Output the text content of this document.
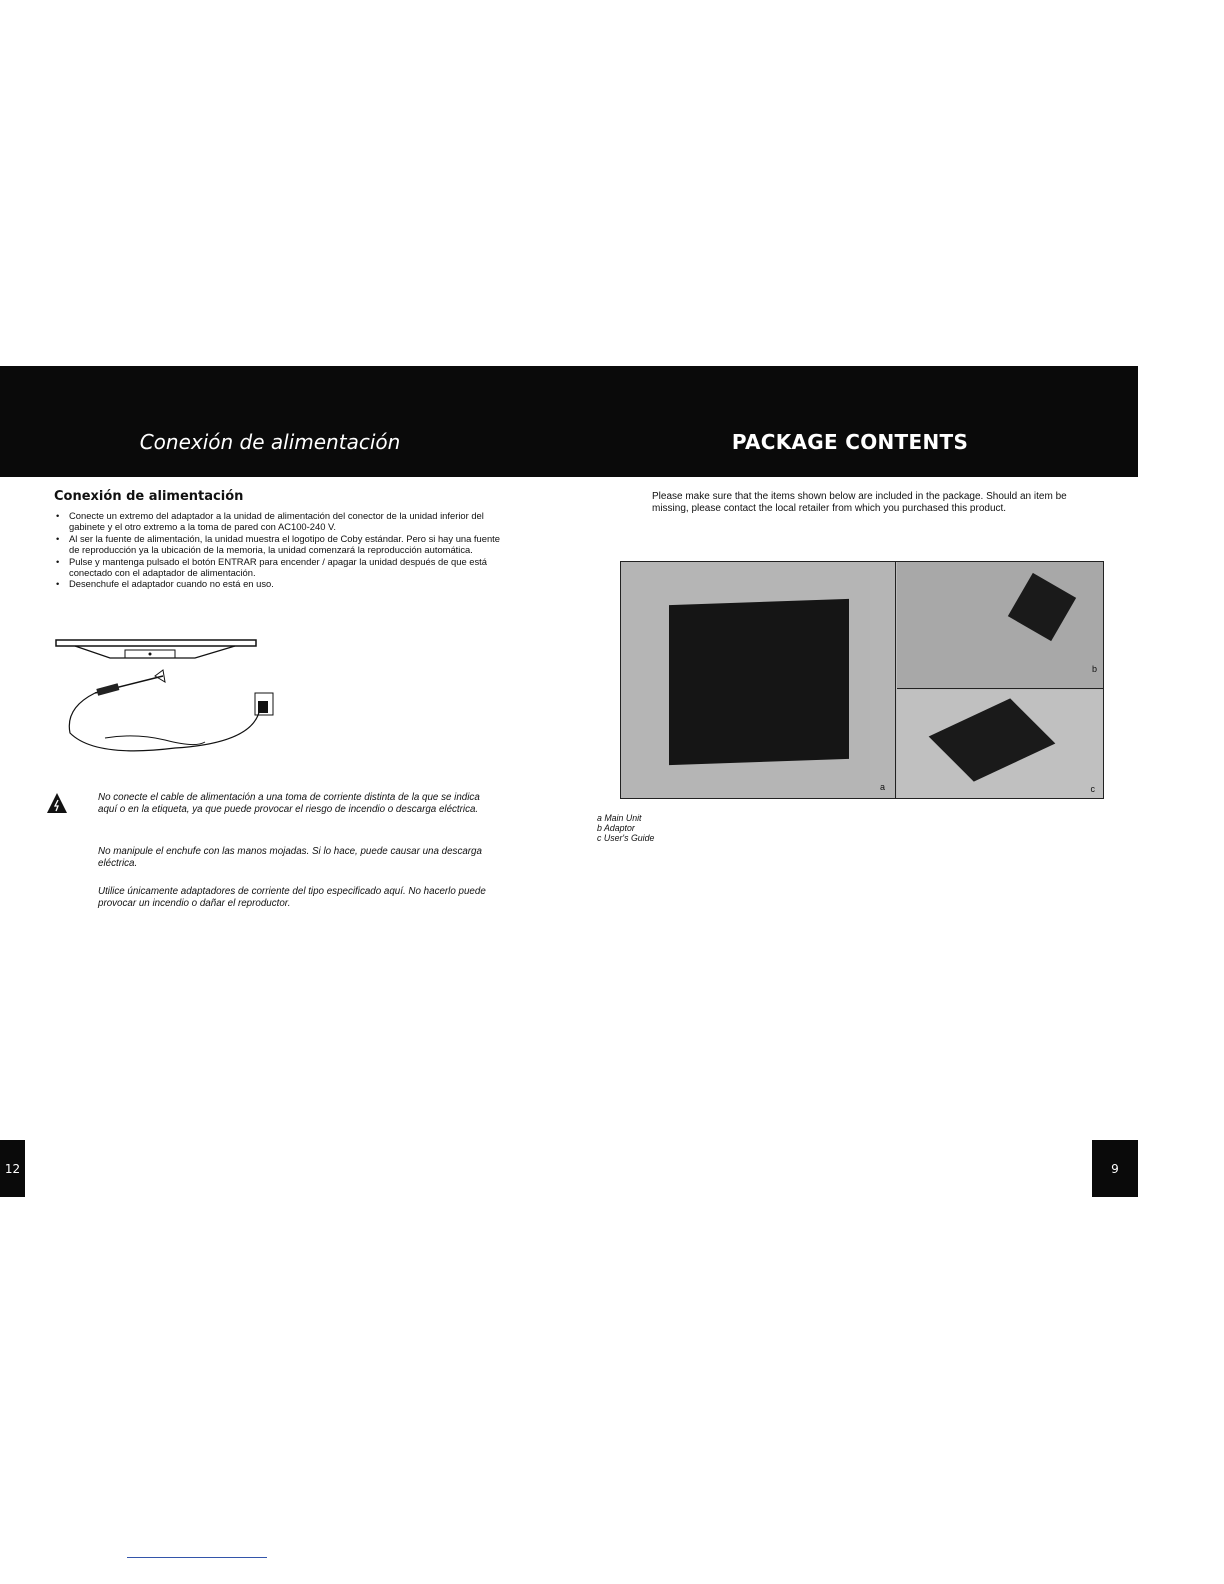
Conexión de alimentación	PACKAGE CONTENTS
Conexión de alimentación
• Conecte un extremo del adaptador a la unidad de alimentación del conector de la unidad inferior del gabinete y el otro extremo a la toma de pared con AC100-240 V.
• Al ser la fuente de alimentación, la unidad muestra el logotipo de Coby estándar. Pero si hay una fuente de reproducción ya la ubicación de la memoria, la unidad comenzará la reproducción automática.
• Pulse y mantenga pulsado el botón ENTRAR para encender / apagar la unidad después de que está conectado con el adaptador de alimentación.
• Desenchufe el adaptador cuando no está en uso.

No conecte el cable de alimentación a una toma de corriente distinta de la que se indica aquí o en la etiqueta, ya que puede provocar el riesgo de incendio o descarga eléctrica.

No manipule el enchufe con las manos mojadas. Si lo hace, puede causar una descarga eléctrica.

Utilice únicamente adaptadores de corriente del tipo especificado aquí. No hacerlo puede provocar un incendio o dañar el reproductor.

Please make sure that the items shown below are included in the package. Should an item be missing, please contact the local retailer from which you purchased this product.

a
b
c
a Main Unit
b Adaptor
c User's Guide
12	9
